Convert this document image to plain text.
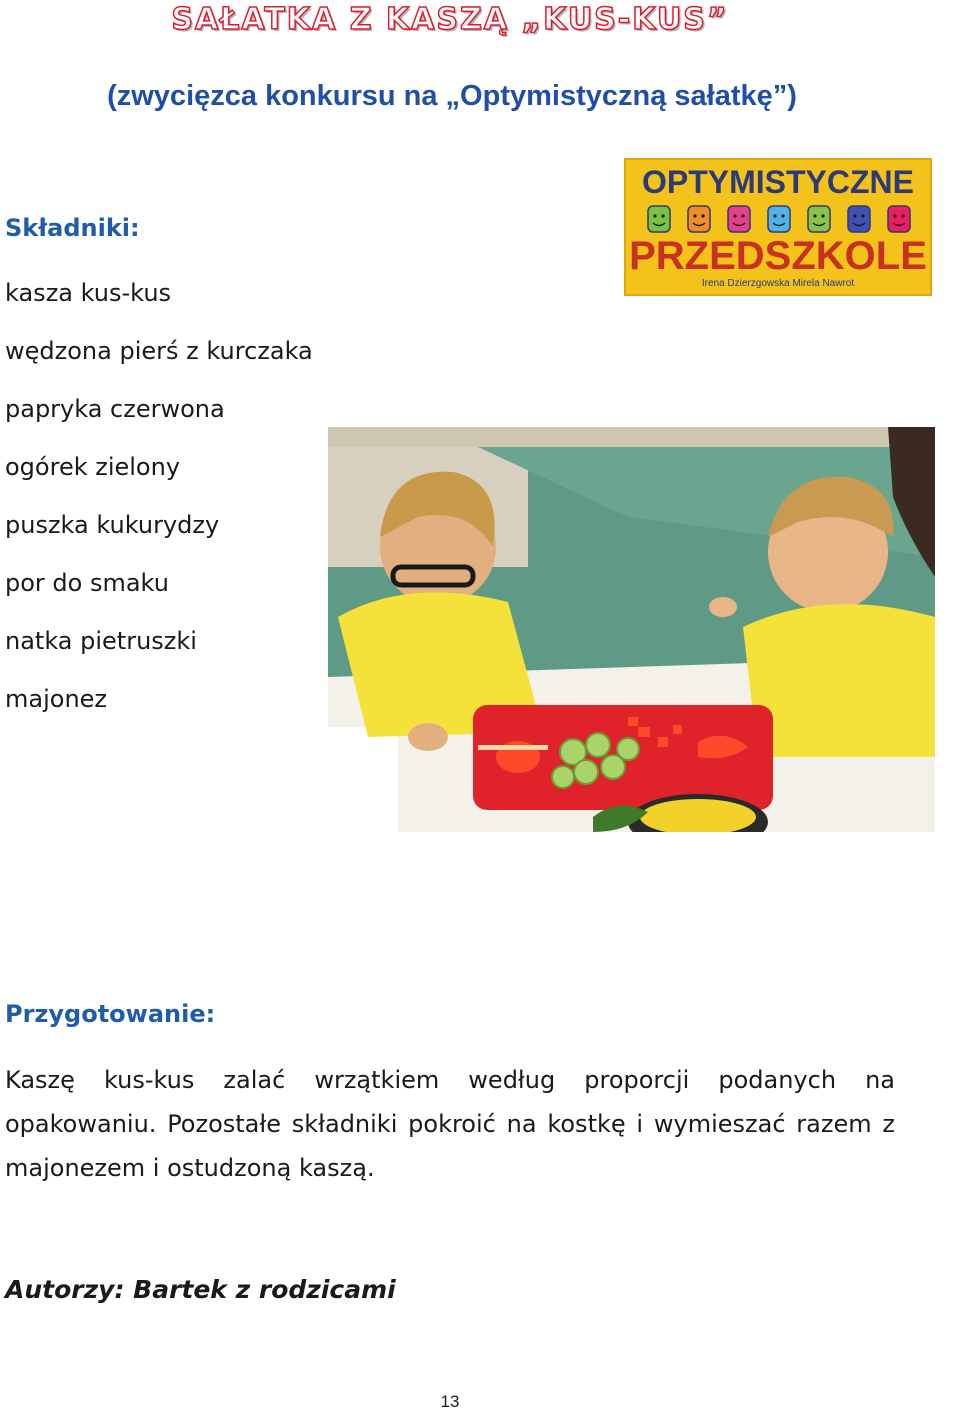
SAŁATKA Z KASZĄ „KUS-KUS”
(zwycięzca konkursu na „Optymistyczną sałatkę”)
Składniki:
kasza kus-kus
wędzona pierś z kurczaka
papryka czerwona
ogórek zielony
puszka kukurydzy
por do smaku
natka pietruszki
majonez
OPTYMISTYCZNE
PRZEDSZKOLE
Irena Dzierzgowska Mirela Nawrot
Przygotowanie:

Kaszę kus-kus zalać wrzątkiem według proporcji podanych na opakowaniu. Pozostałe składniki pokroić na kostkę i wymieszać razem z majonezem i ostudzoną kaszą.

Autorzy: Bartek z rodzicami
13
